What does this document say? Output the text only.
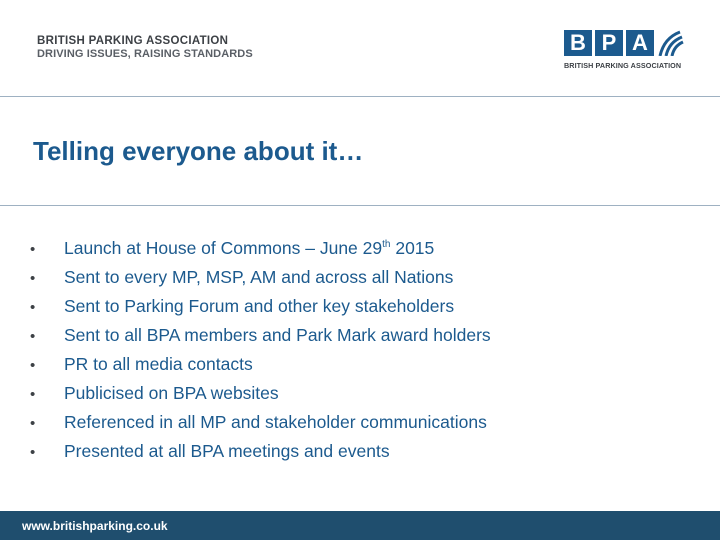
BRITISH PARKING ASSOCIATION
DRIVING ISSUES, RAISING STANDARDS	B P A
BRITISH PARKING ASSOCIATION
Telling everyone about it…
•	Launch at House of Commons – June 29th 2015
•	Sent to every MP, MSP, AM and across all Nations
•	Sent to Parking Forum and other key stakeholders
•	Sent to all BPA members and Park Mark award holders
•	PR to all media contacts
•	Publicised on BPA websites
•	Referenced in all MP and stakeholder communications
•	Presented at all BPA meetings and events
www.britishparking.co.uk
